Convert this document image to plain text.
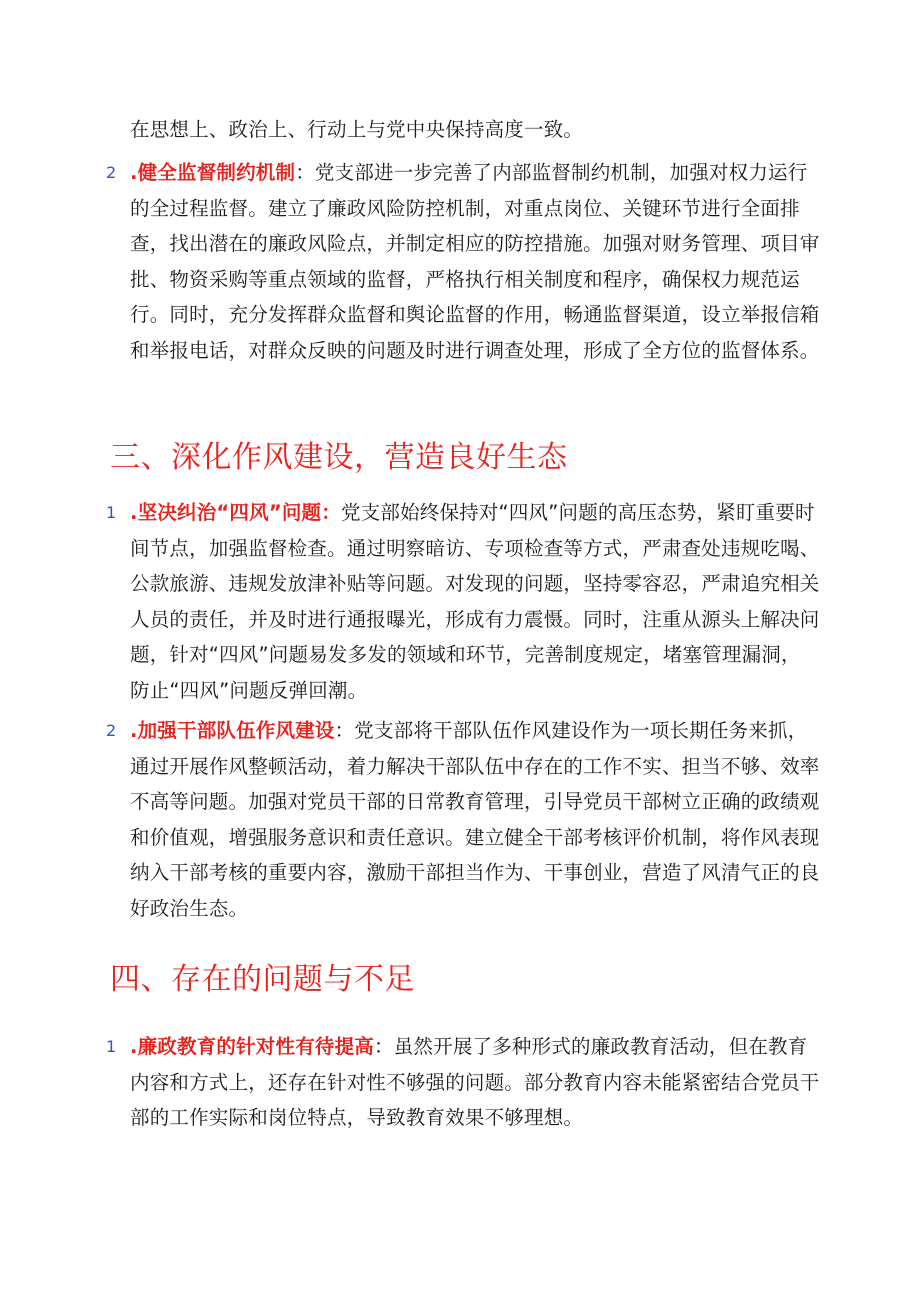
在思想上、政治上、行动上与党中央保持高度一致。
2 .健全监督制约机制：党支部进一步完善了内部监督制约机制，加强对权力运行的全过程监督。建立了廉政风险防控机制，对重点岗位、关键环节进行全面排查，找出潜在的廉政风险点，并制定相应的防控措施。加强对财务管理、项目审批、物资采购等重点领域的监督，严格执行相关制度和程序，确保权力规范运行。同时，充分发挥群众监督和舆论监督的作用，畅通监督渠道，设立举报信箱和举报电话，对群众反映的问题及时进行调查处理，形成了全方位的监督体系。
三、深化作风建设，营造良好生态
1 .坚决纠治“四风”问题：党支部始终保持对“四风”问题的高压态势，紧盯重要时间节点，加强监督检查。通过明察暗访、专项检查等方式，严肃查处违规吃喝、公款旅游、违规发放津补贴等问题。对发现的问题，坚持零容忍，严肃追究相关人员的责任，并及时进行通报曝光，形成有力震慑。同时，注重从源头上解决问题，针对“四风”问题易发多发的领域和环节，完善制度规定，堵塞管理漏洞，防止“四风”问题反弹回潮。
2 .加强干部队伍作风建设：党支部将干部队伍作风建设作为一项长期任务来抓，通过开展作风整顿活动，着力解决干部队伍中存在的工作不实、担当不够、效率不高等问题。加强对党员干部的日常教育管理，引导党员干部树立正确的政绩观和价值观，增强服务意识和责任意识。建立健全干部考核评价机制，将作风表现纳入干部考核的重要内容，激励干部担当作为、干事创业，营造了风清气正的良好政治生态。
四、存在的问题与不足
1 .廉政教育的针对性有待提高：虽然开展了多种形式的廉政教育活动，但在教育内容和方式上，还存在针对性不够强的问题。部分教育内容未能紧密结合党员干部的工作实际和岗位特点，导致教育效果不够理想。
